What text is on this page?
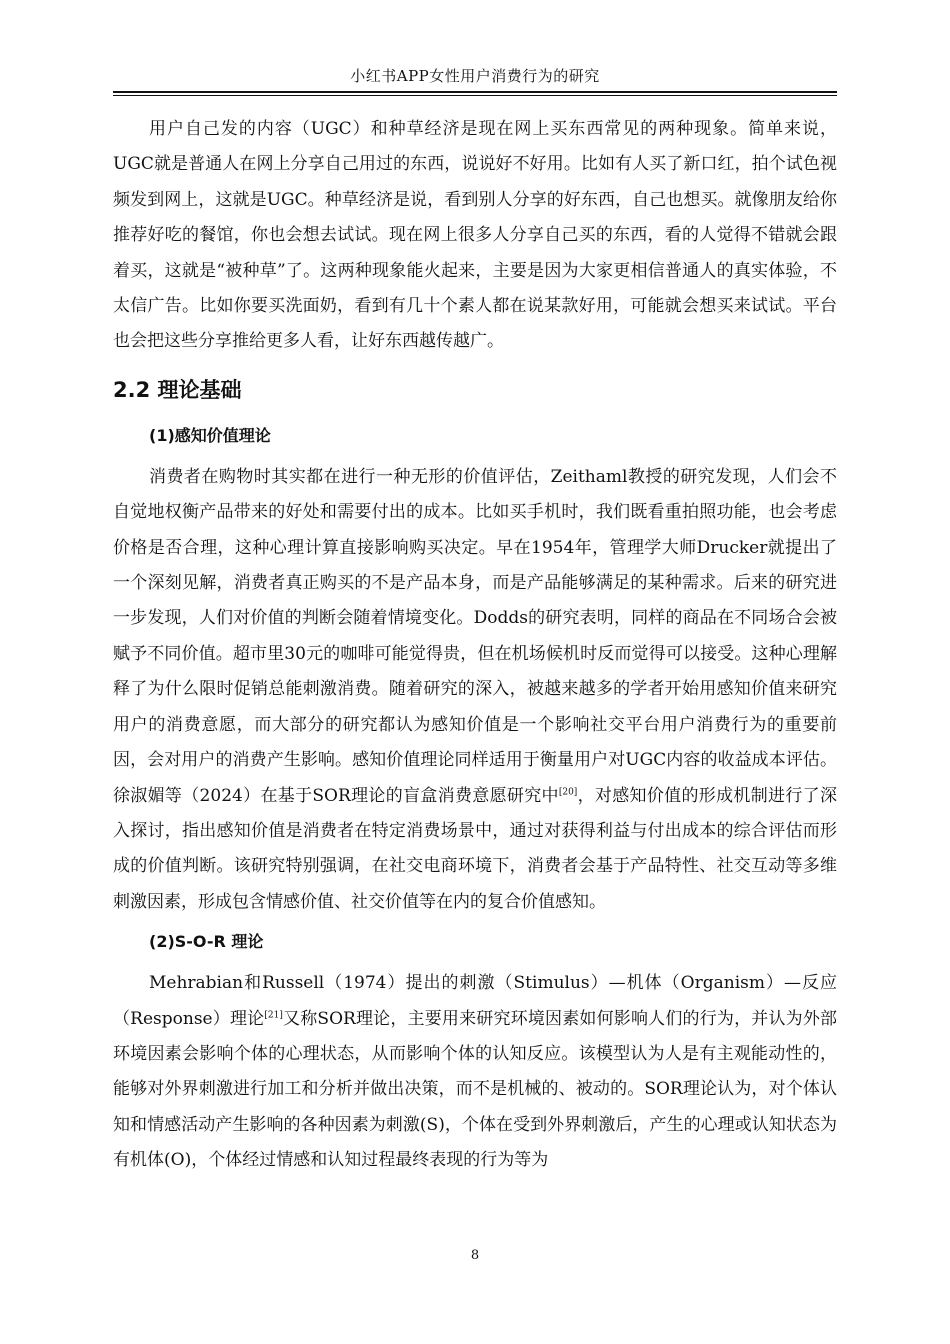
小红书APP女性用户消费行为的研究

用户自己发的内容（UGC）和种草经济是现在网上买东西常见的两种现象。简单来说，UGC就是普通人在网上分享自己用过的东西，说说好不好用。比如有人买了新口红，拍个试色视频发到网上，这就是UGC。种草经济是说，看到别人分享的好东西，自己也想买。就像朋友给你推荐好吃的餐馆，你也会想去试试。现在网上很多人分享自己买的东西，看的人觉得不错就会跟着买，这就是“被种草”了。这两种现象能火起来，主要是因为大家更相信普通人的真实体验，不太信广告。比如你要买洗面奶，看到有几十个素人都在说某款好用，可能就会想买来试试。平台也会把这些分享推给更多人看，让好东西越传越广。

2.2 理论基础
(1)感知价值理论

消费者在购物时其实都在进行一种无形的价值评估，Zeithaml教授的研究发现，人们会不自觉地权衡产品带来的好处和需要付出的成本。比如买手机时，我们既看重拍照功能，也会考虑价格是否合理，这种心理计算直接影响购买决定。早在1954年，管理学大师Drucker就提出了一个深刻见解，消费者真正购买的不是产品本身，而是产品能够满足的某种需求。后来的研究进一步发现，人们对价值的判断会随着情境变化。Dodds的研究表明，同样的商品在不同场合会被赋予不同价值。超市里30元的咖啡可能觉得贵，但在机场候机时反而觉得可以接受。这种心理解释了为什么限时促销总能刺激消费。随着研究的深入，被越来越多的学者开始用感知价值来研究用户的消费意愿，而大部分的研究都认为感知价值是一个影响社交平台用户消费行为的重要前因，会对用户的消费产生影响。感知价值理论同样适用于衡量用户对UGC内容的收益成本评估。徐淑媚等（2024）在基于SOR理论的盲盒消费意愿研究中[20]，对感知价值的形成机制进行了深入探讨，指出感知价值是消费者在特定消费场景中，通过对获得利益与付出成本的综合评估而形成的价值判断。该研究特别强调，在社交电商环境下，消费者会基于产品特性、社交互动等多维刺激因素，形成包含情感价值、社交价值等在内的复合价值感知。

(2)S-O-R 理论

Mehrabian和Russell（1974）提出的刺激（Stimulus）—机体（Organism）—反应（Response）理论[21]又称SOR理论，主要用来研究环境因素如何影响人们的行为，并认为外部环境因素会影响个体的心理状态，从而影响个体的认知反应。该模型认为人是有主观能动性的，能够对外界刺激进行加工和分析并做出决策，而不是机械的、被动的。SOR理论认为，对个体认知和情感活动产生影响的各种因素为刺激(S)，个体在受到外界刺激后，产生的心理或认知状态为有机体(O)，个体经过情感和认知过程最终表现的行为等为

8
